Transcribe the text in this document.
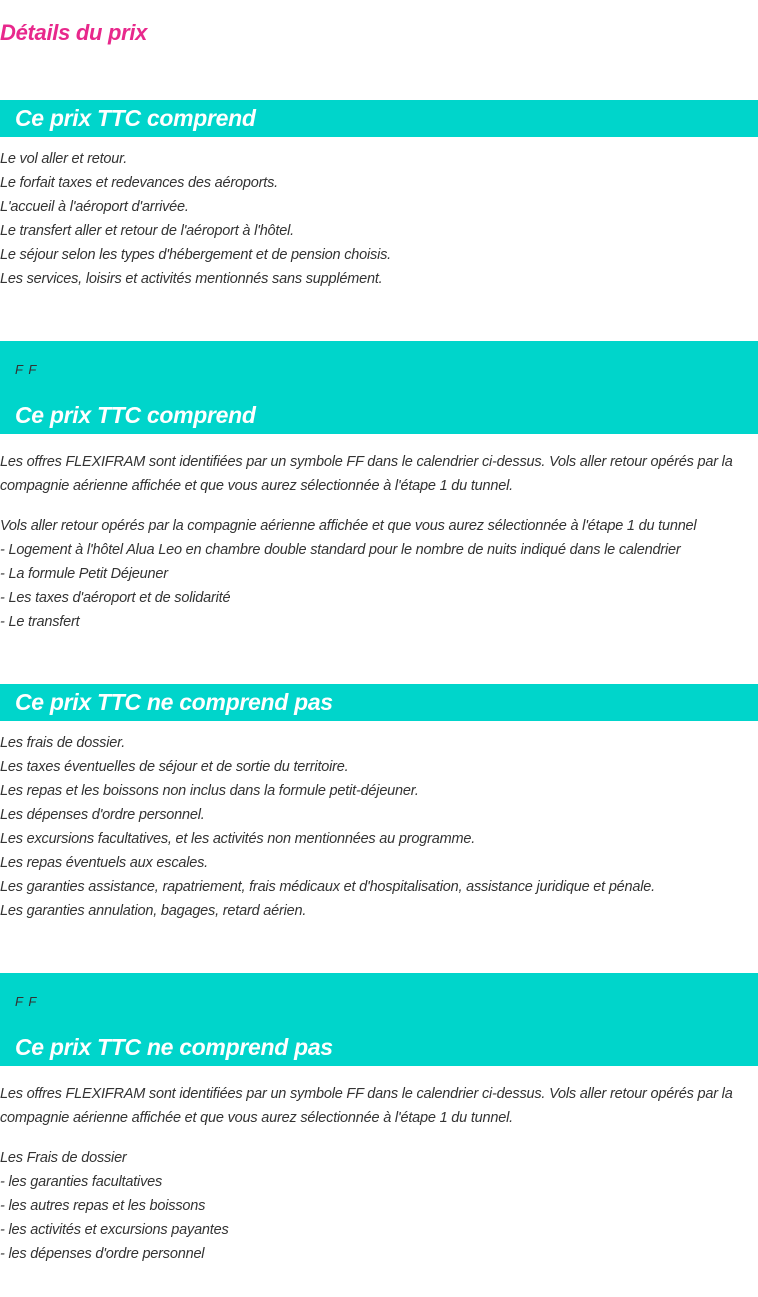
Détails du prix
Ce prix TTC comprend
Le vol aller et retour.
Le forfait taxes et redevances des aéroports.
L'accueil à l'aéroport d'arrivée.
Le transfert aller et retour de l'aéroport à l'hôtel.
Le séjour selon les types d'hébergement et de pension choisis.
Les services, loisirs et activités mentionnés sans supplément.
F F
Ce prix TTC comprend
Les offres FLEXIFRAM sont identifiées par un symbole FF dans le calendrier ci-dessus. Vols aller retour opérés par la compagnie aérienne affichée et que vous aurez sélectionnée à l'étape 1 du tunnel.
Vols aller retour opérés par la compagnie aérienne affichée et que vous aurez sélectionnée à l'étape 1 du tunnel
- Logement à l'hôtel Alua Leo en chambre double standard pour le nombre de nuits indiqué dans le calendrier
- La formule Petit Déjeuner
- Les taxes d'aéroport et de solidarité
- Le transfert
Ce prix TTC ne comprend pas
Les frais de dossier.
Les taxes éventuelles de séjour et de sortie du territoire.
Les repas et les boissons non inclus dans la formule petit-déjeuner.
Les dépenses d'ordre personnel.
Les excursions facultatives, et les activités non mentionnées au programme.
Les repas éventuels aux escales.
Les garanties assistance, rapatriement, frais médicaux et d'hospitalisation, assistance juridique et pénale.
Les garanties annulation, bagages, retard aérien.
F F
Ce prix TTC ne comprend pas
Les offres FLEXIFRAM sont identifiées par un symbole FF dans le calendrier ci-dessus. Vols aller retour opérés par la compagnie aérienne affichée et que vous aurez sélectionnée à l'étape 1 du tunnel.
Les Frais de dossier
- les garanties facultatives
- les autres repas et les boissons
- les activités et excursions payantes
- les dépenses d'ordre personnel
